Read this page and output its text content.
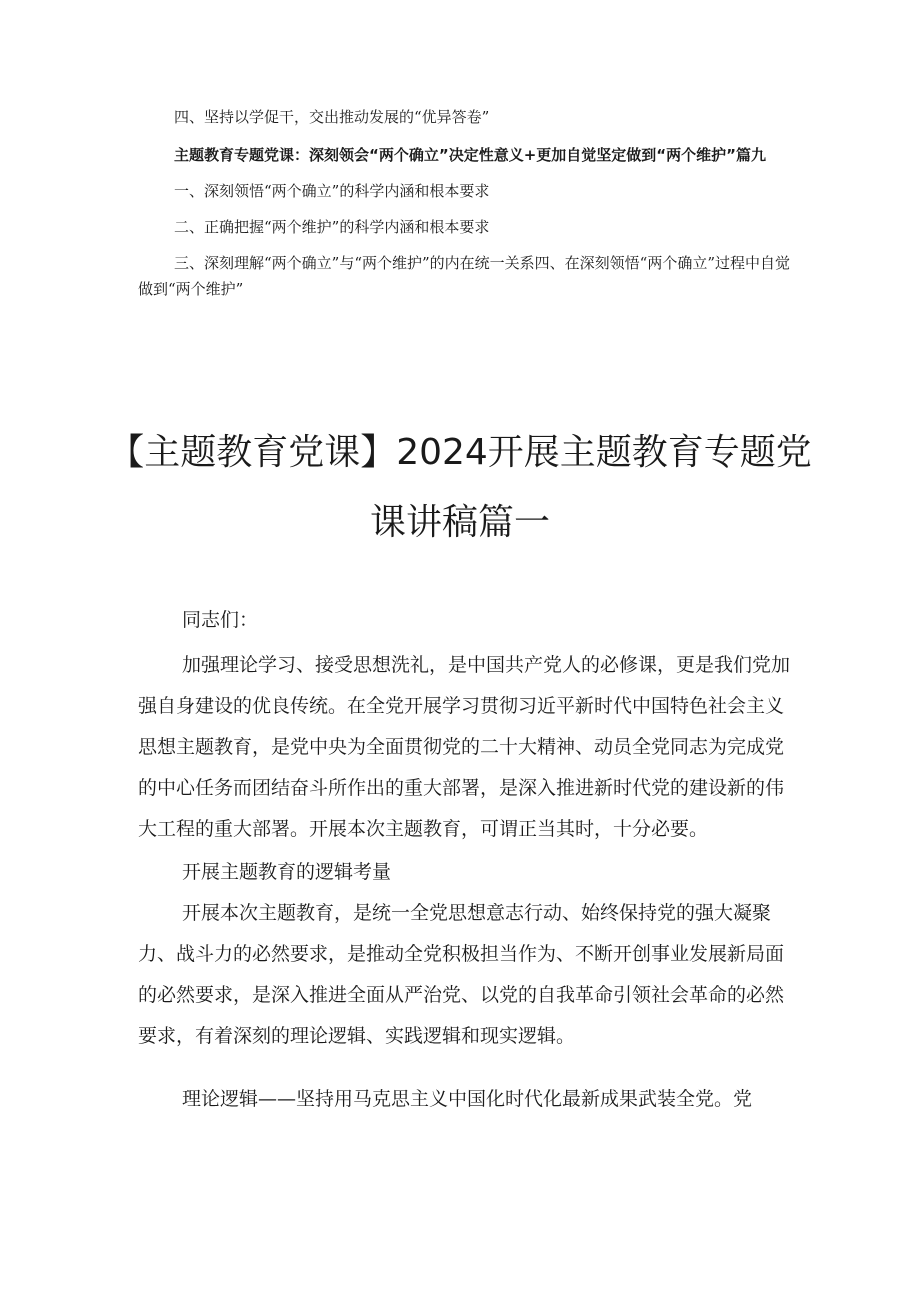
四、坚持以学促干，交出推动发展的“优异答卷”

主题教育专题党课：深刻领会“两个确立”决定性意义+更加自觉坚定做到“两个维护”篇九

一、深刻领悟“两个确立”的科学内涵和根本要求

二、正确把握“两个维护”的科学内涵和根本要求

三、深刻理解“两个确立”与“两个维护”的内在统一关系四、在深刻领悟“两个确立”过程中自觉做到“两个维护”

【主题教育党课】2024开展主题教育专题党课讲稿篇一

同志们：

加强理论学习、接受思想洗礼，是中国共产党人的必修课，更是我们党加强自身建设的优良传统。在全党开展学习贯彻习近平新时代中国特色社会主义思想主题教育，是党中央为全面贯彻党的二十大精神、动员全党同志为完成党的中心任务而团结奋斗所作出的重大部署，是深入推进新时代党的建设新的伟大工程的重大部署。开展本次主题教育，可谓正当其时，十分必要。

开展主题教育的逻辑考量

开展本次主题教育，是统一全党思想意志行动、始终保持党的强大凝聚力、战斗力的必然要求，是推动全党积极担当作为、不断开创事业发展新局面的必然要求，是深入推进全面从严治党、以党的自我革命引领社会革命的必然要求，有着深刻的理论逻辑、实践逻辑和现实逻辑。

理论逻辑——坚持用马克思主义中国化时代化最新成果武装全党。党
